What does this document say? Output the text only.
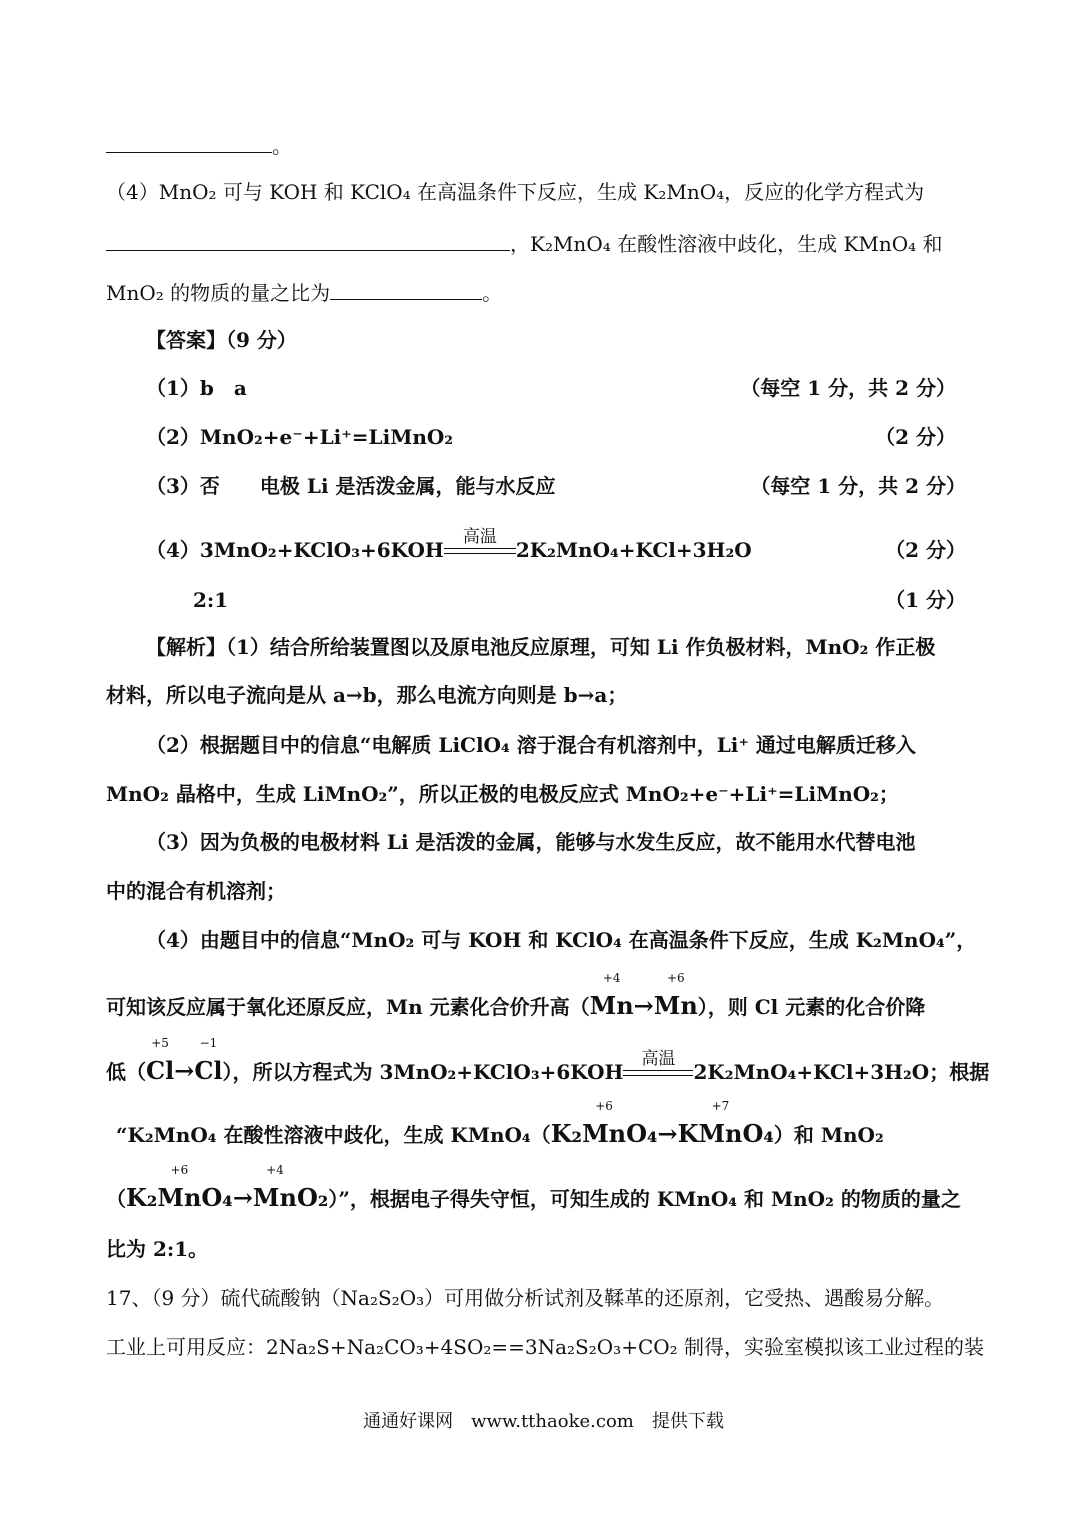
。
（4）MnO₂ 可与 KOH 和 KClO₄ 在高温条件下反应，生成 K₂MnO₄，反应的化学方程式为
，K₂MnO₄ 在酸性溶液中歧化，生成 KMnO₄ 和
MnO₂ 的物质的量之比为	。
【答案】（9 分）
（1）b　a	（每空 1 分，共 2 分）
（2）MnO₂+e⁻+Li⁺=LiMnO₂	（2 分）
（3）否　　电极 Li 是活泼金属，能与水反应	（每空 1 分，共 2 分）
（4）3MnO₂+KClO₃+6KOH
高温
2K₂MnO₄+KCl+3H₂O	（2 分）
2:1	（1 分）
【解析】（1）结合所给装置图以及原电池反应原理，可知 Li 作负极材料，MnO₂ 作正极
材料，所以电子流向是从 a→b，那么电流方向则是 b→a；
（2）根据题目中的信息“电解质 LiClO₄ 溶于混合有机溶剂中，Li⁺ 通过电解质迁移入
MnO₂ 晶格中，生成 LiMnO₂”，所以正极的电极反应式 MnO₂+e⁻+Li⁺=LiMnO₂；
（3）因为负极的电极材料 Li 是活泼的金属，能够与水发生反应，故不能用水代替电池
中的混合有机溶剂；
（4）由题目中的信息“MnO₂ 可与 KOH 和 KClO₄ 在高温条件下反应，生成 K₂MnO₄”，
可知该反应属于氧化还原反应，Mn 元素化合价升高（
+4
Mn→
+6
Mn），则 Cl 元素的化合价降
低（
+5
Cl→
−1
Cl），所以方程式为 3MnO₂+KClO₃+6KOH
高温
2K₂MnO₄+KCl+3H₂O；根据
“K₂MnO₄ 在酸性溶液中歧化，生成 KMnO₄（K₂
+6
MnO₄→K
+7
MnO₄）和 MnO₂
（K₂
+6
MnO₄→
+4
MnO₂）”，根据电子得失守恒，可知生成的 KMnO₄ 和 MnO₂ 的物质的量之
比为 2:1。
17、（9 分）硫代硫酸钠（Na₂S₂O₃）可用做分析试剂及鞣革的还原剂，它受热、遇酸易分解。
工业上可用反应：2Na₂S+Na₂CO₃+4SO₂==3Na₂S₂O₃+CO₂ 制得，实验室模拟该工业过程的装
通通好课网　www.tthaoke.com　提供下载
